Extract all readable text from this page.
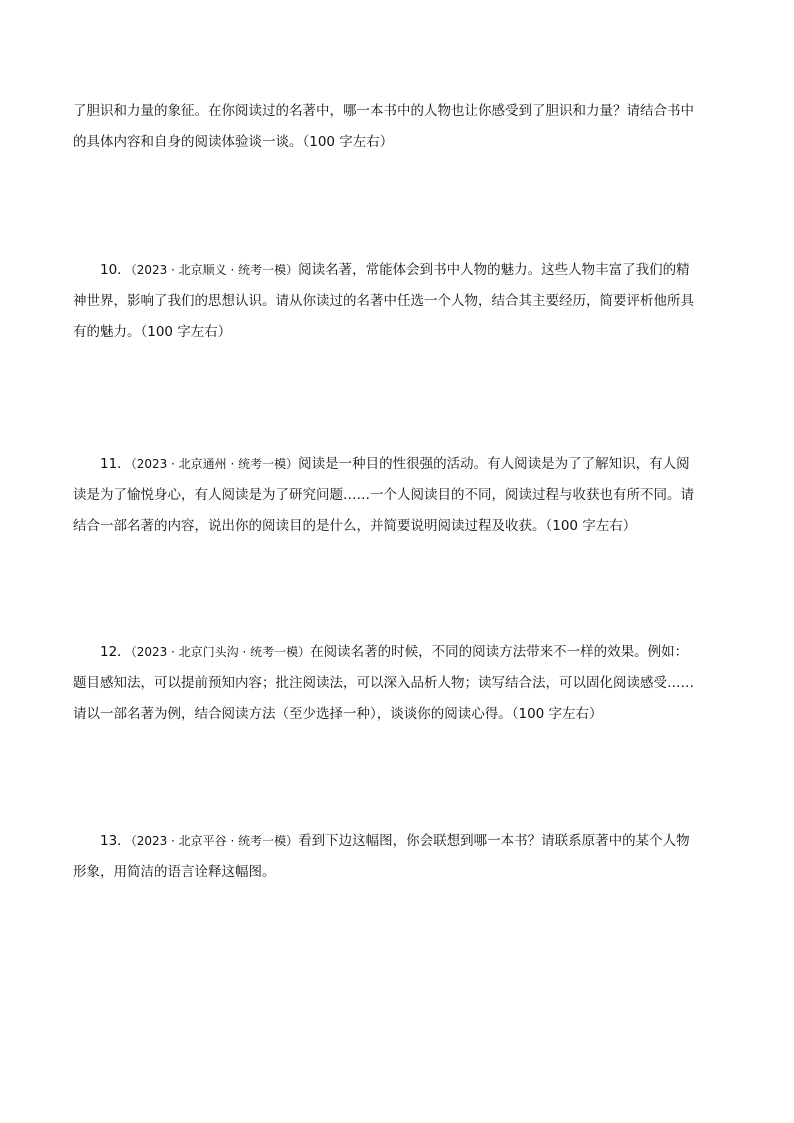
了胆识和力量的象征。在你阅读过的名著中，哪一本书中的人物也让你感受到了胆识和力量？请结合书中
的具体内容和自身的阅读体验谈一谈。（100 字左右）

10．（2023 · 北京顺义 · 统考一模）阅读名著，常能体会到书中人物的魅力。这些人物丰富了我们的精
神世界，影响了我们的思想认识。请从你读过的名著中任选一个人物，结合其主要经历，简要评析他所具
有的魅力。（100 字左右）

11．（2023 · 北京通州 · 统考一模）阅读是一种目的性很强的活动。有人阅读是为了了解知识，有人阅
读是为了愉悦身心，有人阅读是为了研究问题……一个人阅读目的不同，阅读过程与收获也有所不同。请
结合一部名著的内容，说出你的阅读目的是什么，并简要说明阅读过程及收获。（100 字左右）

12．（2023 · 北京门头沟 · 统考一模）在阅读名著的时候，不同的阅读方法带来不一样的效果。例如：
题目感知法，可以提前预知内容；批注阅读法，可以深入品析人物；读写结合法，可以固化阅读感受……
请以一部名著为例，结合阅读方法（至少选择一种），谈谈你的阅读心得。（100 字左右）

13．（2023 · 北京平谷 · 统考一模）看到下边这幅图，你会联想到哪一本书？请联系原著中的某个人物
形象，用简洁的语言诠释这幅图。
